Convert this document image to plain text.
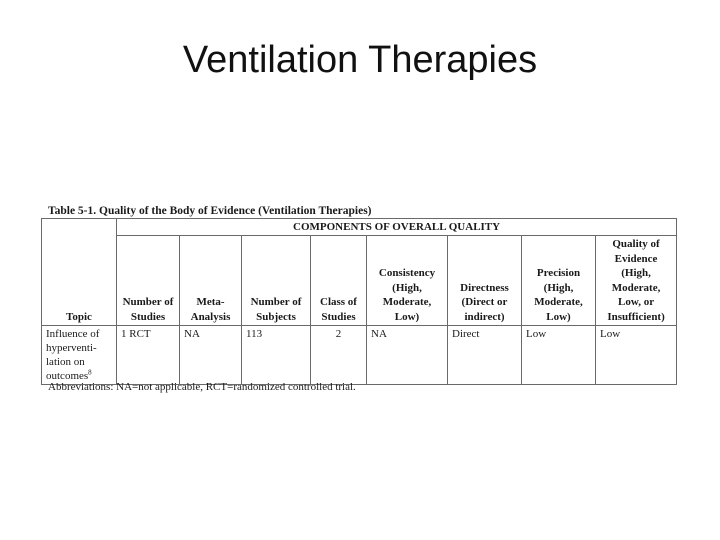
Ventilation Therapies
Table 5-1. Quality of the Body of Evidence (Ventilation Therapies)
	COMPONENTS OF OVERALL QUALITY							
Topic	Number of Studies	Meta-Analysis	Number of Subjects	Class of Studies	Consistency (High, Moderate, Low)	Directness (Direct or indirect)	Precision (High, Moderate, Low)	Quality of Evidence (High, Moderate, Low, or Insufficient)
Influence of hyperventi-lation on outcomes$^8$	1 RCT	NA	113	2	NA	Direct	Low	Low
Abbreviations: NA=not applicable, RCT=randomized controlled trial.
